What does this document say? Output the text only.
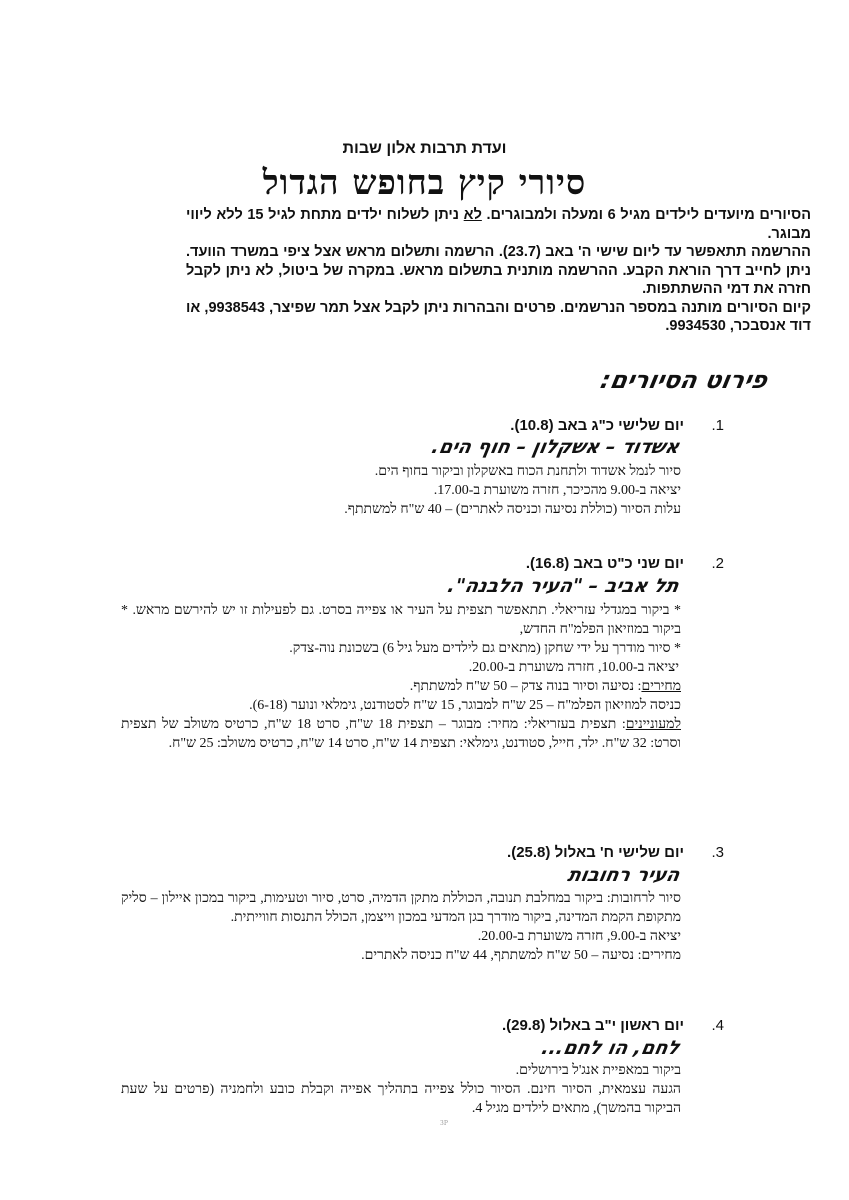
ועדת תרבות אלון שבות
סיורי קיץ בחופש הגדול

הסיורים מיועדים לילדים מגיל 6 ומעלה ולמבוגרים. לא ניתן לשלוח ילדים מתחת לגיל 15 ללא ליווי מבוגר.

ההרשמה תתאפשר עד ליום שישי ה' באב (23.7). הרשמה ותשלום מראש אצל ציפי במשרד הוועד. ניתן לחייב דרך הוראת הקבע. ההרשמה מותנית בתשלום מראש. במקרה של ביטול, לא ניתן לקבל חזרה את דמי ההשתתפות.

קיום הסיורים מותנה במספר הנרשמים. פרטים והבהרות ניתן לקבל אצל תמר שפיצר, 9938543, או דוד אנסבכר, 9934530.

פירוט הסיורים:
1.
יום שלישי כ"ג באב (10.8).
אשדוד – אשקלון – חוף הים.

סיור לנמל אשדוד ולתחנת הכוח באשקלון וביקור בחוף הים.

יציאה ב-9.00 מהכיכר, חזרה משוערת ב-17.00.

עלות הסיור (כוללת נסיעה וכניסה לאתרים) – 40 ש"ח למשתתף.

2.
יום שני כ"ט באב (16.8).
תל אביב – "העיר הלבנה".

* ביקור במגדלי עזריאלי. תתאפשר תצפית על העיר או צפייה בסרט. גם לפעילות זו יש להירשם מראש. * ביקור במוזיאון הפלמ"ח החדש,

* סיור מודרך על ידי שחקן (מתאים גם לילדים מעל גיל 6) בשכונת נוה-צדק.

יציאה ב-10.00, חזרה משוערת ב-20.00.

מחירים: נסיעה וסיור בנוה צדק – 50 ש"ח למשתתף.

כניסה למוזיאון הפלמ"ח – 25 ש"ח למבוגר, 15 ש"ח לסטודנט, גימלאי ונוער (6-18).

למעוניינים: תצפית בעזריאלי: מחיר: מבוגר – תצפית 18 ש"ח, סרט 18 ש"ח, כרטיס משולב של תצפית וסרט: 32 ש"ח. ילד, חייל, סטודנט, גימלאי: תצפית 14 ש"ח, סרט 14 ש"ח, כרטיס משולב: 25 ש"ח.

3.
יום שלישי ח' באלול (25.8).
העיר רחובות

סיור לרחובות: ביקור במחלבת תנובה, הכוללת מתקן הדמיה, סרט, סיור וטעימות, ביקור במכון איילון – סליק מתקופת הקמת המדינה, ביקור מודרך בגן המדעי במכון וייצמן, הכולל התנסות חווייתית.

יציאה ב-9.00, חזרה משוערת ב-20.00.

מחירים: נסיעה – 50 ש"ח למשתתף, 44 ש"ח כניסה לאתרים.

4.
יום ראשון י"ב באלול (29.8).
לחם, הו לחם...

ביקור במאפיית אנג'ל בירושלים.

הגעה עצמאית, הסיור חינם. הסיור כולל צפייה בתהליך אפייה וקבלת כובע ולחמניה (פרטים על שעת הביקור בהמשך), מתאים לילדים מגיל 4.

3P
